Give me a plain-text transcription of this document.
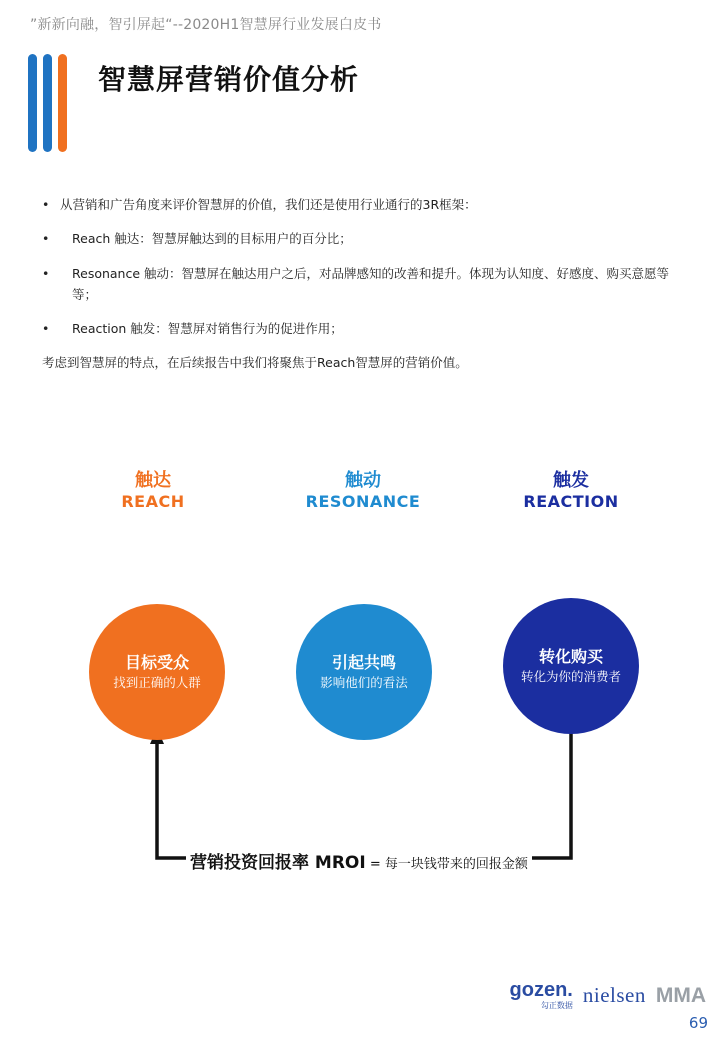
”新新向融，智引屏起“--2020H1智慧屏行业发展白皮书
智慧屏营销价值分析
• 从营销和广告角度来评价智慧屏的价值，我们还是使用行业通行的3R框架：
• Reach 触达：智慧屏触达到的目标用户的百分比；
• Resonance 触动：智慧屏在触达用户之后，对品牌感知的改善和提升。体现为认知度、好感度、购买意愿等等；
• Reaction 触发：智慧屏对销售行为的促进作用；
考虑到智慧屏的特点，在后续报告中我们将聚焦于Reach智慧屏的营销价值。
触达
REACH
触动
RESONANCE
触发
REACTION
目标受众
找到正确的人群
引起共鸣
影响他们的看法
转化购买
转化为你的消费者
营销投资回报率 MROI = 每一块钱带来的回报金额
gozen.
勾正数据 nielsen MMA
69
